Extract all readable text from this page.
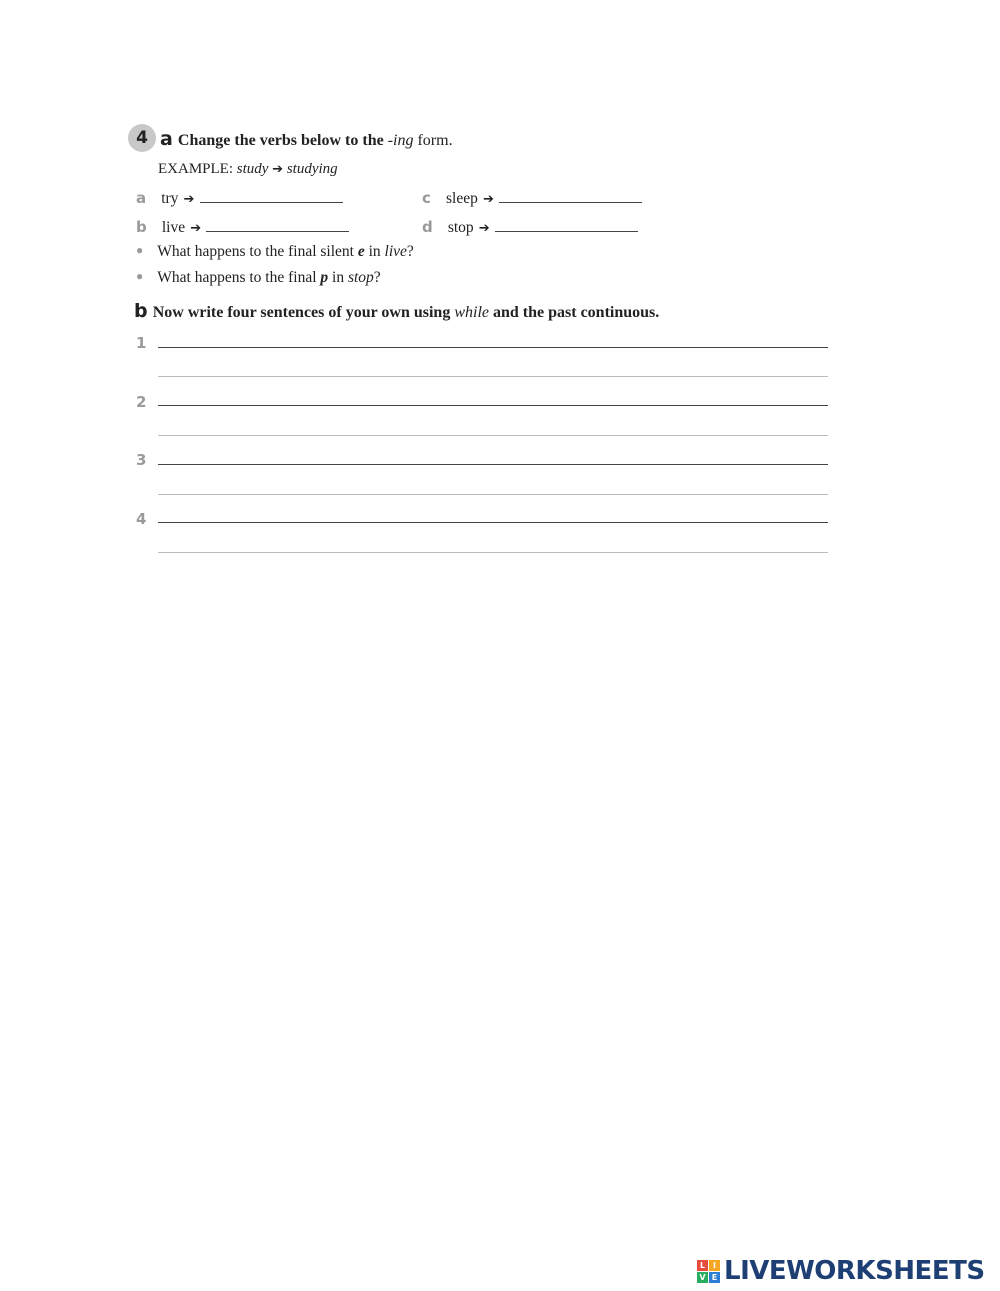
4 a Change the verbs below to the -ing form.
EXAMPLE: study ➔ studying
a try ➔
b live ➔
c sleep ➔
d stop ➔
● What happens to the final silent e in live?
● What happens to the final p in stop?
b Now write four sentences of your own using while and the past continuous.
1
2
3
4
L I
V E LIVEWORKSHEETS
